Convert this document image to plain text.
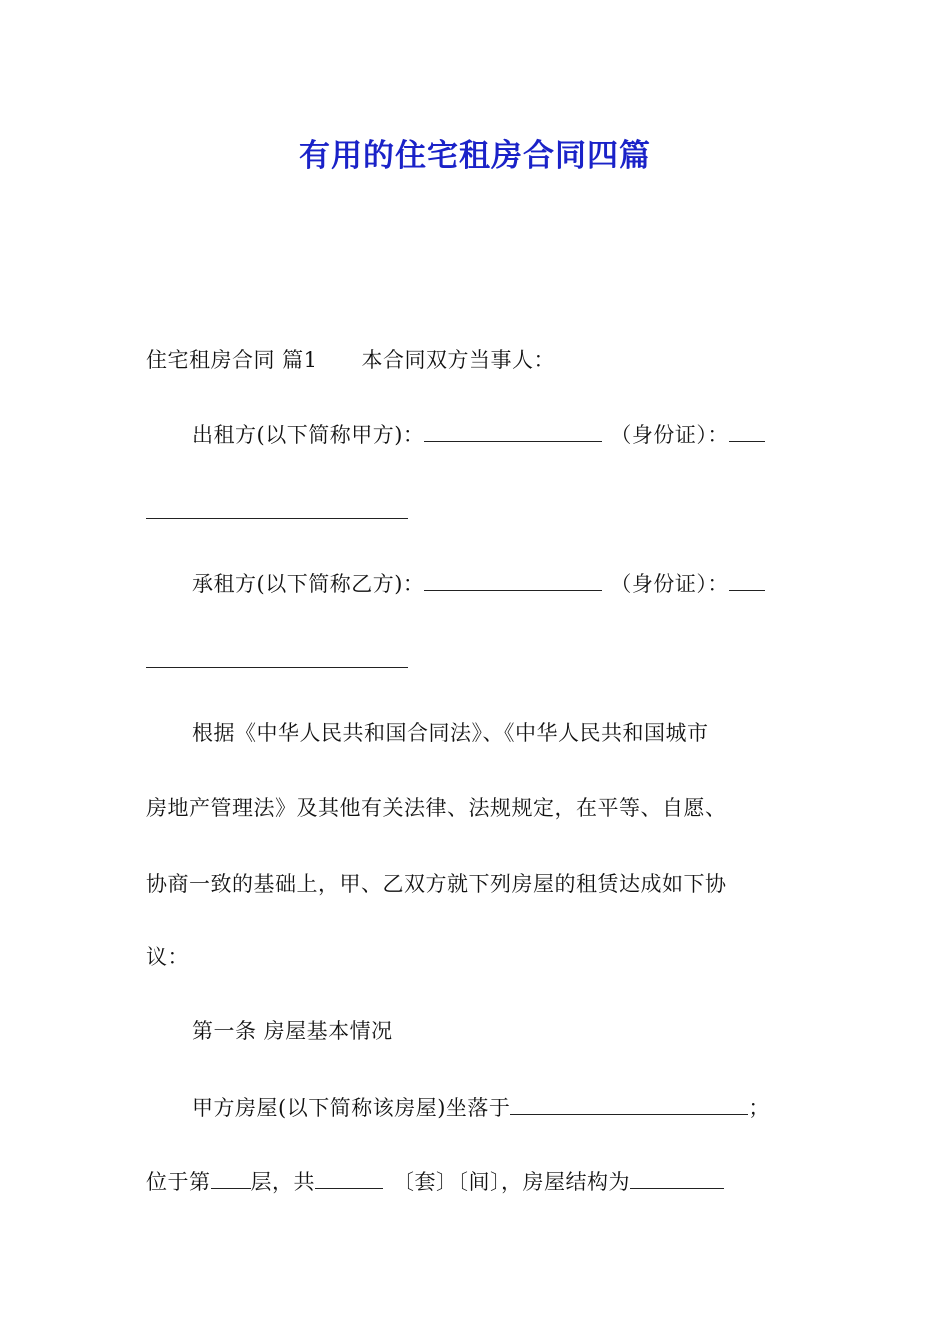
有用的住宅租房合同四篇
住宅租房合同 篇1 本合同双方当事人：
出租方(以下简称甲方)：	（身份证）：
承租方(以下简称乙方)：	（身份证）：
根据《中华人民共和国合同法》、《中华人民共和国城市
房地产管理法》及其他有关法律、法规规定，在平等、自愿、
协商一致的基础上，甲、乙双方就下列房屋的租赁达成如下协
议：
第一条 房屋基本情况
甲方房屋(以下简称该房屋)坐落于	；
位于第 层，共	〔套〕〔间〕，房屋结构为
